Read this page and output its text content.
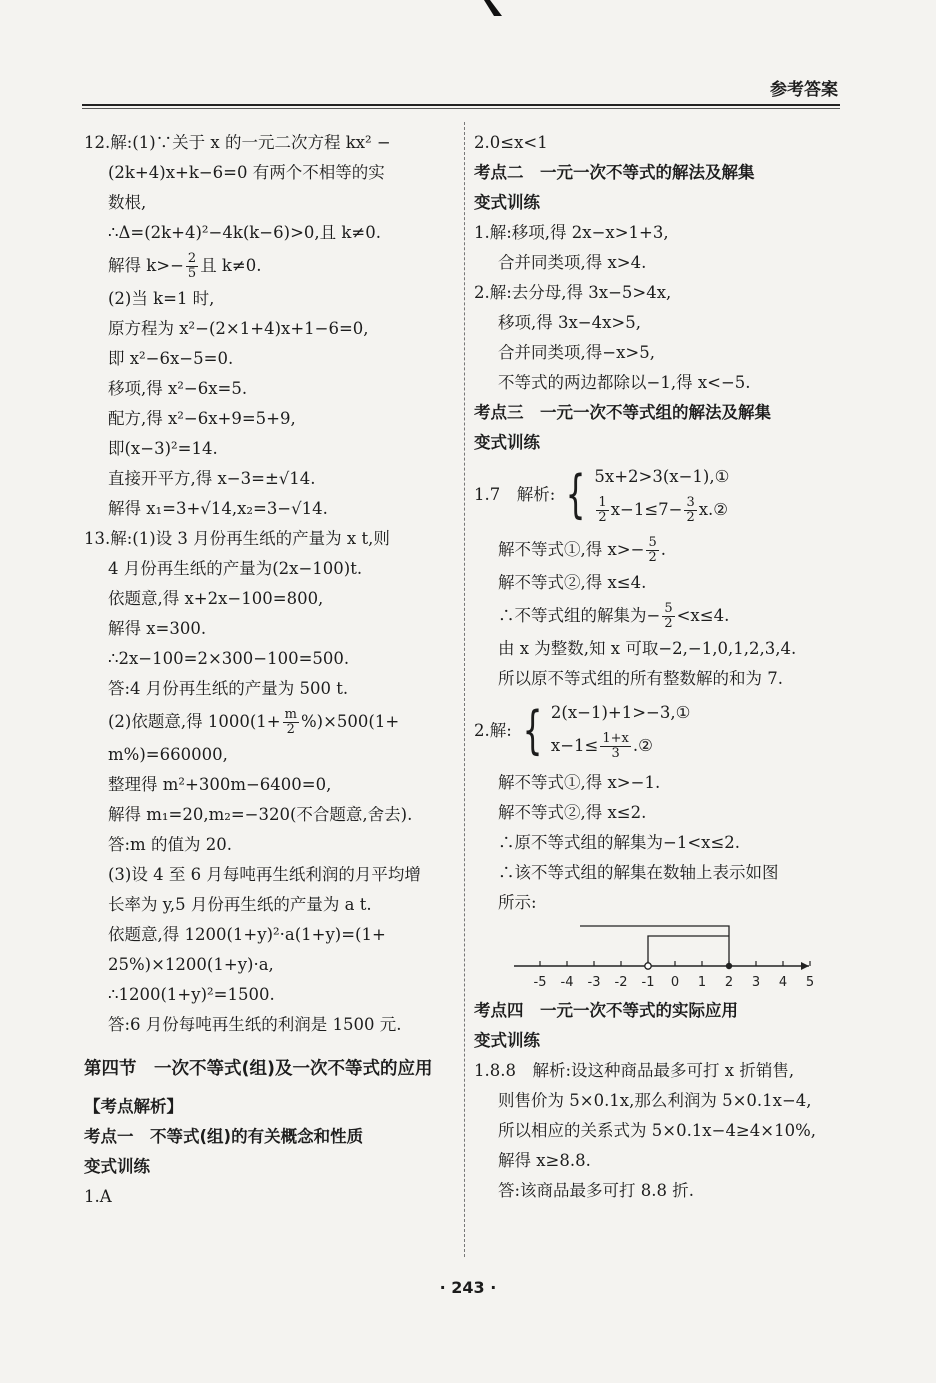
参考答案
12.解:(1)∵关于 x 的一元二次方程 kx² −
(2k+4)x+k−6=0 有两个不相等的实
数根,
∴Δ=(2k+4)²−4k(k−6)>0,且 k≠0.
解得 $k>- \frac{2}{5}$ 且 k≠0.
(2)当 k=1 时,
原方程为 x²−(2×1+4)x+1−6=0,
即 x²−6x−5=0.
移项,得 x²−6x=5.
配方,得 x²−6x+9=5+9,
即(x−3)²=14.
直接开平方,得 x−3=±√14.
解得 x₁=3+√14,x₂=3−√14.
13.解:(1)设 3 月份再生纸的产量为 x t,则
4 月份再生纸的产量为(2x−100)t.
依题意,得 x+2x−100=800,
解得 x=300.
∴2x−100=2×300−100=500.
答:4 月份再生纸的产量为 500 t.
(2)依题意,得 $1000(1+ \frac{m}{2} \%)\times 500(1+$
m%)=660000,
整理得 m²+300m−6400=0,
解得 m₁=20,m₂=−320(不合题意,舍去).
答:m 的值为 20.
(3)设 4 至 6 月每吨再生纸利润的月平均增
长率为 y,5 月份再生纸的产量为 a t.
依题意,得 1200(1+y)²·a(1+y)=(1+
25%)×1200(1+y)·a,
∴1200(1+y)²=1500.
答:6 月份每吨再生纸的利润是 1500 元.
第四节　一次不等式(组)及一次不等式的应用
【考点解析】
考点一　不等式(组)的有关概念和性质
变式训练
1.A
2.0≤x<1
考点二　一元一次不等式的解法及解集
变式训练
1.解:移项,得 2x−x>1+3,
合并同类项,得 x>4.
2.解:去分母,得 3x−5>4x,
移项,得 3x−4x>5,
合并同类项,得−x>5,
不等式的两边都除以−1,得 x<−5.
考点三　一元一次不等式组的解法及解集
变式训练
1.7　解析: { 5x+2>3(x−1),①
$\frac{1}{2} x-1\le 7- \frac{3}{2}$ x.②
解不等式①,得 $x>- \frac{5}{2}$ .
解不等式②,得 x≤4.
∴不等式组的解集为− $\frac{5}{2} <x\le 4$.
由 x 为整数,知 x 可取−2,−1,0,1,2,3,4.
所以原不等式组的所有整数解的和为 7.
2.解: { 2(x−1)+1>−3,①
$x-1\le \frac{1+x}{3}$ .②
解不等式①,得 x>−1.
解不等式②,得 x≤2.
∴原不等式组的解集为−1<x≤2.
∴该不等式组的解集在数轴上表示如图
所示:
-5 -4 -3 -2 -1 0 1 2 3 4 5
考点四　一元一次不等式的实际应用
变式训练
1.8.8　解析:设这种商品最多可打 x 折销售,
则售价为 5×0.1x,那么利润为 5×0.1x−4,
所以相应的关系式为 5×0.1x−4≥4×10%,
解得 x≥8.8.
答:该商品最多可打 8.8 折.
· 243 ·
